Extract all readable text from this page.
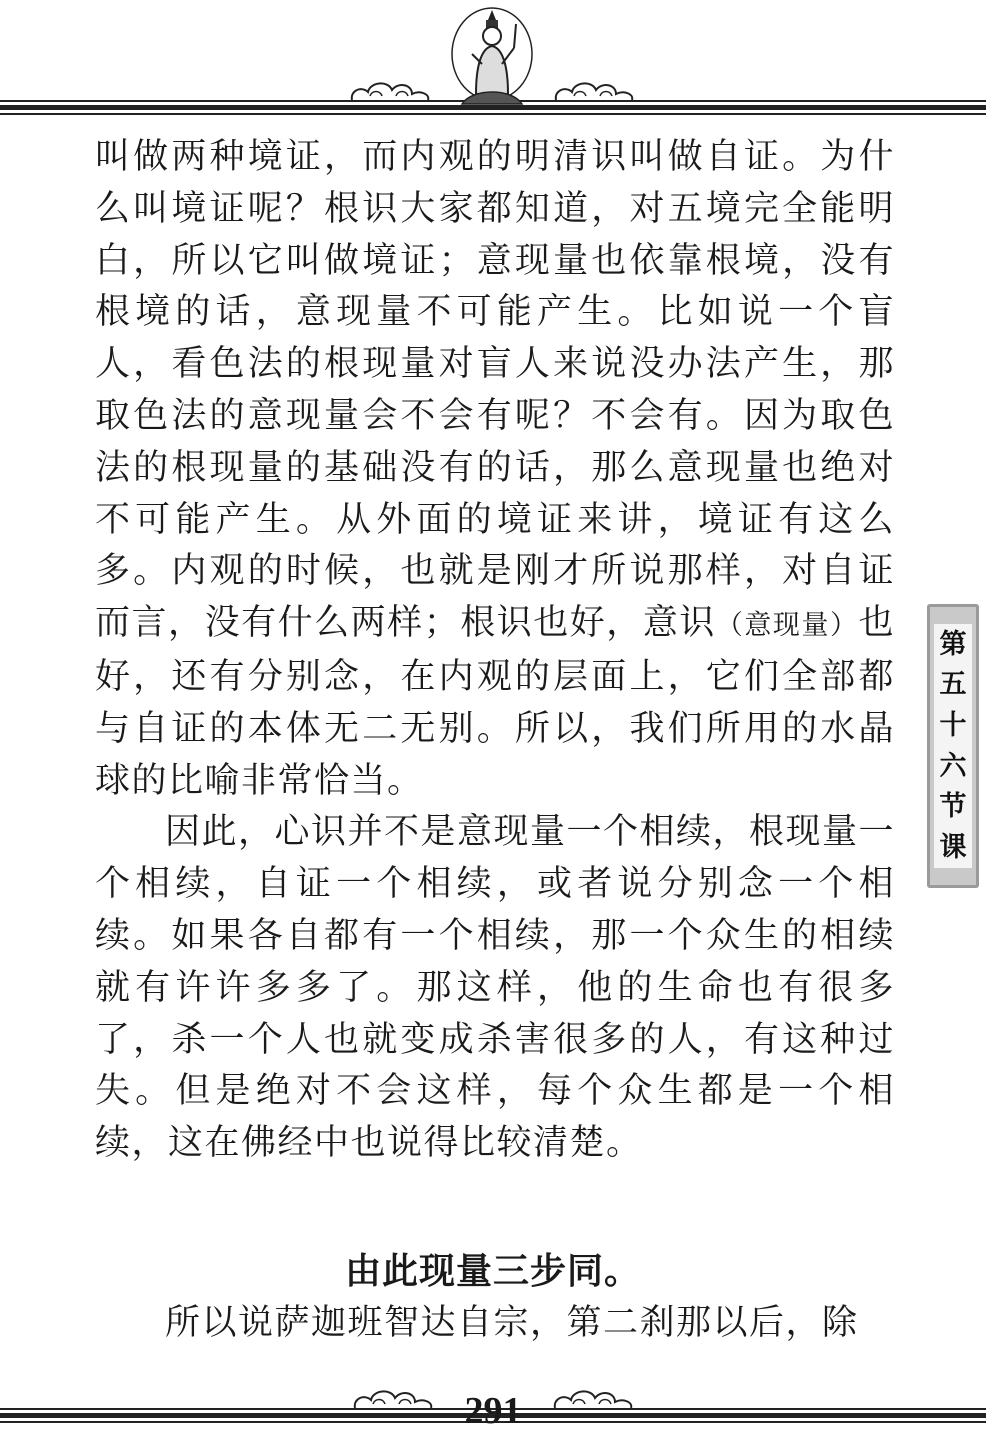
叫做两种境证，而内观的明清识叫做自证。为什么叫境证呢？根识大家都知道，对五境完全能明白，所以它叫做境证；意现量也依靠根境，没有根境的话，意现量不可能产生。比如说一个盲人，看色法的根现量对盲人来说没办法产生，那取色法的意现量会不会有呢？不会有。因为取色法的根现量的基础没有的话，那么意现量也绝对不可能产生。从外面的境证来讲，境证有这么多。内观的时候，也就是刚才所说那样，对自证而言，没有什么两样；根识也好，意识（意现量）也好，还有分别念，在内观的层面上，它们全部都与自证的本体无二无别。所以，我们所用的水晶球的比喻非常恰当。

因此，心识并不是意现量一个相续，根现量一个相续，自证一个相续，或者说分别念一个相续。如果各自都有一个相续，那一个众生的相续就有许许多多了。那这样，他的生命也有很多了，杀一个人也就变成杀害很多的人，有这种过失。但是绝对不会这样，每个众生都是一个相续，这在佛经中也说得比较清楚。

由此现量三步同。

所以说萨迦班智达自宗，第二刹那以后，除

第
五
十
六
节
课
291
